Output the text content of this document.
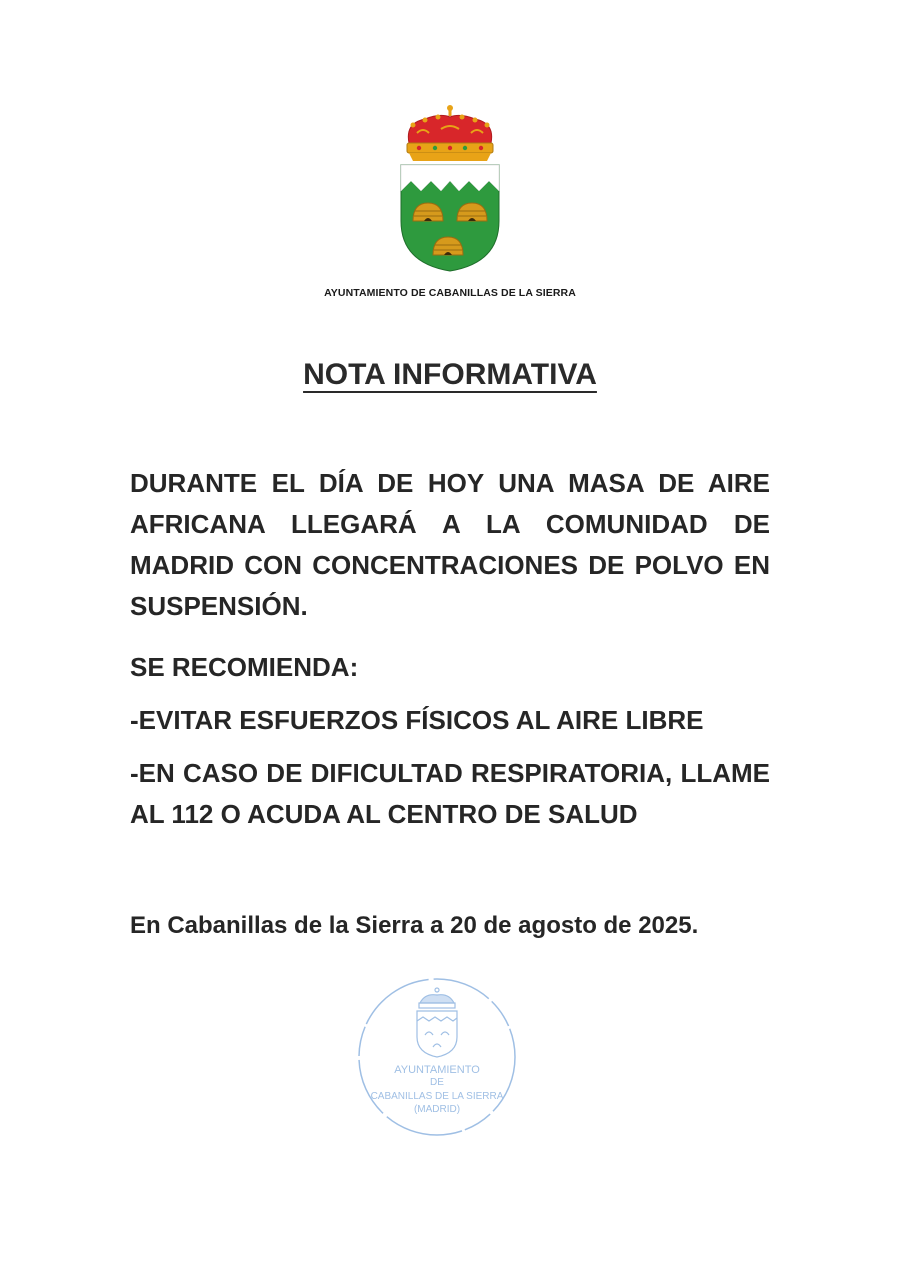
AYUNTAMIENTO DE CABANILLAS DE LA SIERRA
NOTA INFORMATIVA

DURANTE EL DÍA DE HOY UNA MASA DE AIRE AFRICANA LLEGARÁ A LA COMUNIDAD DE MADRID CON CONCENTRACIONES DE POLVO EN SUSPENSIÓN.

SE RECOMIENDA:

-EVITAR ESFUERZOS FÍSICOS AL AIRE LIBRE

-EN CASO DE DIFICULTAD RESPIRATORIA, LLAME AL 112 O ACUDA AL CENTRO DE SALUD

En Cabanillas de la Sierra a 20 de agosto de 2025.
AYUNTAMIENTO
DE
CABANILLAS DE LA SIERRA
(MADRID)
